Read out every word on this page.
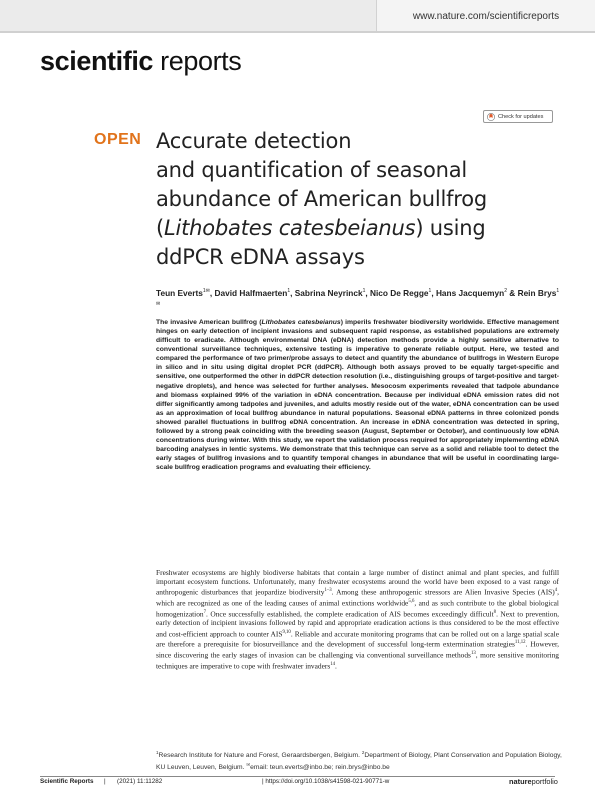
www.nature.com/scientificreports
scientific reports
Check for updates
OPEN Accurate detection
and quantification of seasonal
abundance of American bullfrog
(Lithobates catesbeianus) using
ddPCR eDNA assays
Teun Everts$^{1✉}$, David Halfmaerten$^1$, Sabrina Neyrinck$^1$, Nico De Regge$^1$, Hans Jacquemyn$^2$ & Rein Brys$^{1✉}$

The invasive American bullfrog (Lithobates catesbeianus) imperils freshwater biodiversity worldwide. Effective management hinges on early detection of incipient invasions and subsequent rapid response, as established populations are extremely difficult to eradicate. Although environmental DNA (eDNA) detection methods provide a highly sensitive alternative to conventional surveillance techniques, extensive testing is imperative to generate reliable output. Here, we tested and compared the performance of two primer/probe assays to detect and quantify the abundance of bullfrogs in Western Europe in silico and in situ using digital droplet PCR (ddPCR). Although both assays proved to be equally target-specific and sensitive, one outperformed the other in ddPCR detection resolution (i.e., distinguishing groups of target-positive and target-negative droplets), and hence was selected for further analyses. Mesocosm experiments revealed that tadpole abundance and biomass explained 99% of the variation in eDNA concentration. Because per individual eDNA emission rates did not differ significantly among tadpoles and juveniles, and adults mostly reside out of the water, eDNA concentration can be used as an approximation of local bullfrog abundance in natural populations. Seasonal eDNA patterns in three colonized ponds showed parallel fluctuations in bullfrog eDNA concentration. An increase in eDNA concentration was detected in spring, followed by a strong peak coinciding with the breeding season (August, September or October), and continuously low eDNA concentrations during winter. With this study, we report the validation process required for appropriately implementing eDNA barcoding analyses in lentic systems. We demonstrate that this technique can serve as a solid and reliable tool to detect the early stages of bullfrog invasions and to quantify temporal changes in abundance that will be useful in coordinating large-scale bullfrog eradication programs and evaluating their efficiency.

Freshwater ecosystems are highly biodiverse habitats that contain a large number of distinct animal and plant species, and fulfill important ecosystem functions. Unfortunately, many freshwater ecosystems around the world have been exposed to a vast range of anthropogenic disturbances that jeopardize biodiversity$^{1-3}$. Among these anthropogenic stressors are Alien Invasive Species (AIS)$^4$, which are recognized as one of the leading causes of animal extinctions worldwide$^{5,6}$, and as such contribute to the global biological homogenization$^7$. Once successfully established, the complete eradication of AIS becomes exceedingly difficult$^8$. Next to prevention, early detection of incipient invasions followed by rapid and appropriate eradication actions is thus considered to be the most effective and cost-efficient approach to counter AIS$^{9,10}$. Reliable and accurate monitoring programs that can be rolled out on a large spatial scale are therefore a prerequisite for biosurveillance and the development of successful long-term extermination strategies$^{11,12}$. However, since discovering the early stages of invasion can be challenging via conventional surveillance methods$^{13}$, more sensitive monitoring techniques are imperative to cope with freshwater invaders$^{14}$.

$^1$Research Institute for Nature and Forest, Geraardsbergen, Belgium. $^2$Department of Biology, Plant Conservation and Population Biology, KU Leuven, Leuven, Belgium. ✉email: teun.everts@inbo.be; rein.brys@inbo.be

Scientific Reports | (2021) 11:11282	| https://doi.org/10.1038/s41598-021-90771-w	natureportfolio
